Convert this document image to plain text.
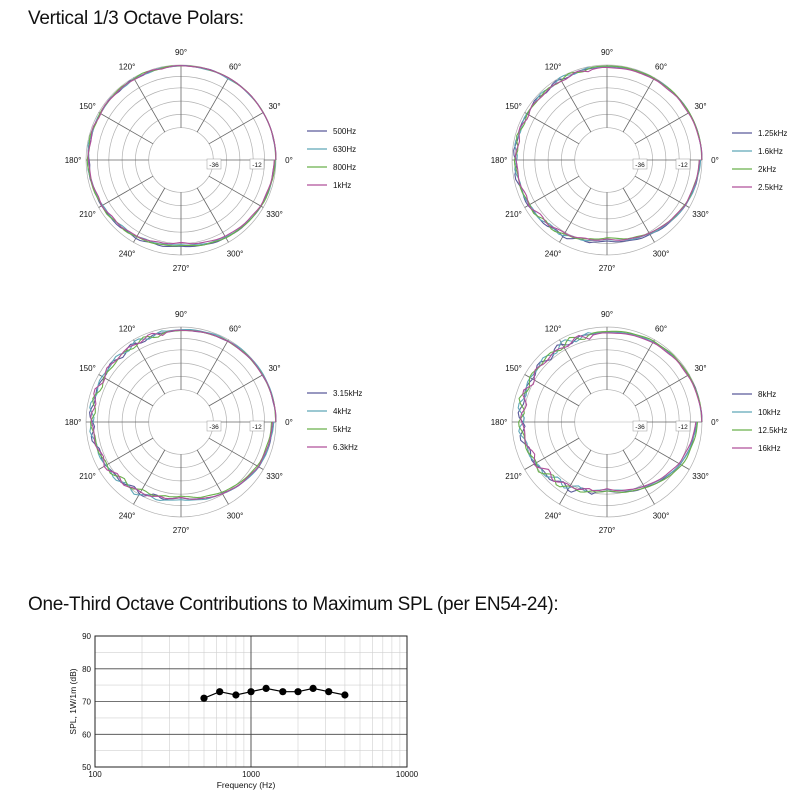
Vertical 1/3 Octave Polars:
One-Third Octave Contributions to Maximum SPL (per EN54-24):
90°
60°
30°
0°
330°
300°
270°
240°
210°
180°
150°
120°
-36	-12
500Hz
630Hz
800Hz
1kHz
90°
60°
30°
0°
330°
300°
270°
240°
210°
180°
150°
120°
-36	-12
1.25kHz
1.6kHz
2kHz
2.5kHz
90°
60°
30°
0°
330°
300°
270°
240°
210°
180°
150°
120°
-36	-12
3.15kHz
4kHz
5kHz
6.3kHz
90°
60°
30°
0°
330°
300°
270°
240°
210°
180°
150°
120°
-36	-12
8kHz
10kHz
12.5kHz
16kHz
90
80
70
60
50
100	1000	10000
Frequency (Hz)
SPL, 1W/1m (dB)
